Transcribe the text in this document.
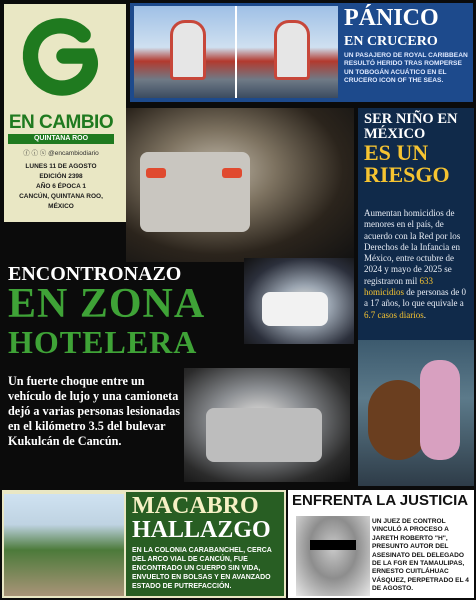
EN CAMBIO
QUINTANA ROO
ⓕ ⓘ ⓧ @encambiodiario
LUNES 11 DE AGOSTO
EDICIÓN 2398
AÑO 6 ÉPOCA 1
CANCÚN, QUINTANA ROO, MÉXICO
PÁNICO
EN CRUCERO
UN PASAJERO DE ROYAL CARIBBEAN RESULTÓ HERIDO TRAS ROMPERSE UN TOBOGÁN ACUÁTICO EN EL CRUCERO ICON OF THE SEAS.
ENCONTRONAZO
EN ZONA
HOTELERA
Un fuerte choque entre un vehículo de lujo y una camioneta dejó a varias personas lesionadas en el kilómetro 3.5 del bulevar Kukulcán de Cancún.
SER NIÑO EN MÉXICO
ES UN RIESGO
Aumentan homicidios de menores en el país, de acuerdo con la Red por los Derechos de la Infancia en México, entre octubre de 2024 y mayo de 2025 se registraron mil 633 homicidios de personas de 0 a 17 años, lo que equivale a 6.7 casos diarios.
MACABRO
HALLAZGO
EN LA COLONIA CARABANCHEL, CERCA DEL ARCO VIAL DE CANCÚN, FUE ENCONTRADO UN CUERPO SIN VIDA, ENVUELTO EN BOLSAS Y EN AVANZADO ESTADO DE PUTREFACCIÓN.
ENFRENTA LA JUSTICIA
UN JUEZ DE CONTROL VINCULÓ A PROCESO A JARETH ROBERTO "H", PRESUNTO AUTOR DEL ASESINATO DEL DELEGADO DE LA FGR EN TAMAULIPAS, ERNESTO CUITLÁHUAC VÁSQUEZ, PERPETRADO EL 4 DE AGOSTO.
